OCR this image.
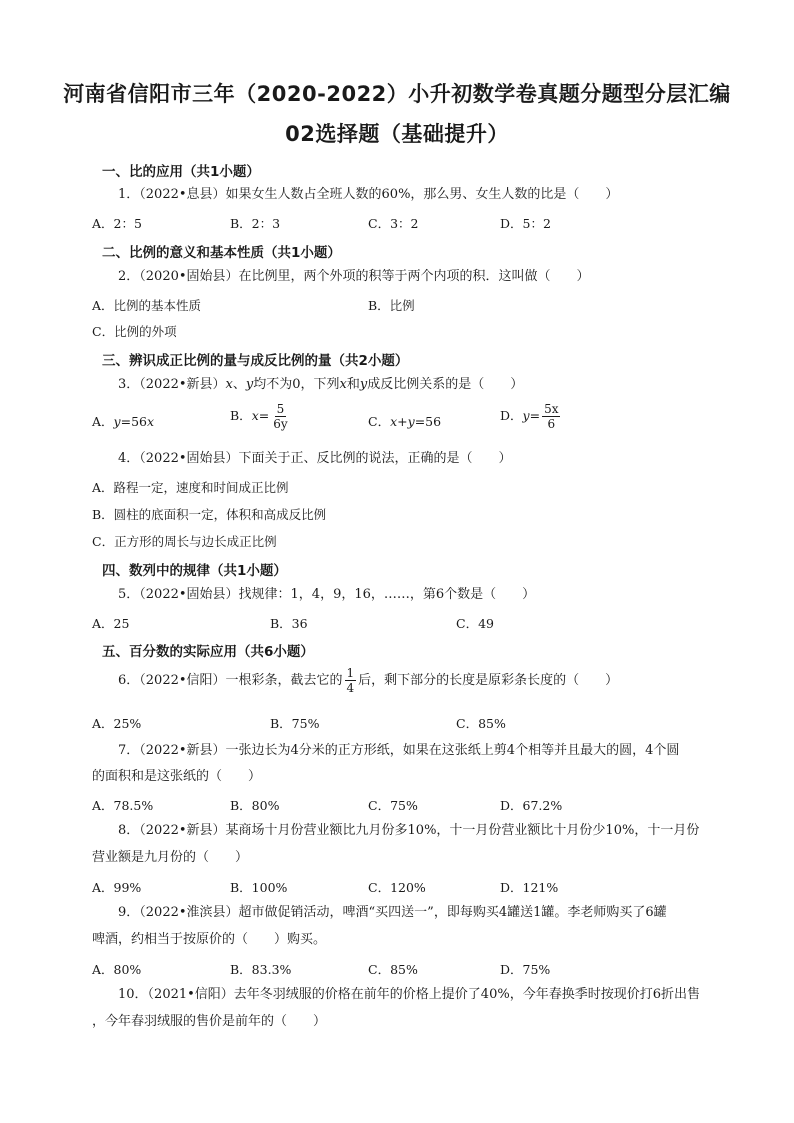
河南省信阳市三年（2020-2022）小升初数学卷真题分题型分层汇编
02选择题（基础提升）
一、比的应用（共1小题）
1．（2022•息县）如果女生人数占全班人数的60%，那么男、女生人数的比是（　　）
A．2：5	B．2：3	C．3：2	D．5：2
二、比例的意义和基本性质（共1小题）
2．（2020•固始县）在比例里，两个外项的积等于两个内项的积．这叫做（　　）
A．比例的基本性质	B．比例
C．比例的外项
三、辨识成正比例的量与成反比例的量（共2小题）
3．（2022•新县）x、y均不为0，下列x和y成反比例关系的是（　　）
A．y=56x	B．$x= \frac{5}{6y}$	C．x+y=56	D．$y= \frac{5x}{6}$
4．（2022•固始县）下面关于正、反比例的说法，正确的是（　　）
A．路程一定，速度和时间成正比例
B．圆柱的底面积一定，体积和高成反比例
C．正方形的周长与边长成正比例
四、数列中的规律（共1小题）
5．（2022•固始县）找规律：1，4，9，16，……，第6个数是（　　）
A．25	B．36	C．49
五、百分数的实际应用（共6小题）
6．（2022•信阳）一根彩条，截去它的 $\frac{1}{4}$ 后，剩下部分的长度是原彩条长度的（　　）
A．25%	B．75%	C．85%
7．（2022•新县）一张边长为4分米的正方形纸，如果在这张纸上剪4个相等并且最大的圆，4个圆
的面积和是这张纸的（　　）
A．78.5%	B．80%	C．75%	D．67.2%
8．（2022•新县）某商场十月份营业额比九月份多10%，十一月份营业额比十月份少10%，十一月份
营业额是九月份的（　　）
A．99%	B．100%	C．120%	D．121%
9．（2022•淮滨县）超市做促销活动，啤酒“买四送一”，即每购买4罐送1罐。李老师购买了6罐
啤酒，约相当于按原价的（　　）购买。
A．80%	B．83.3%	C．85%	D．75%
10．（2021•信阳）去年冬羽绒服的价格在前年的价格上提价了40%，今年春换季时按现价打6折出售
，今年春羽绒服的售价是前年的（　　）
